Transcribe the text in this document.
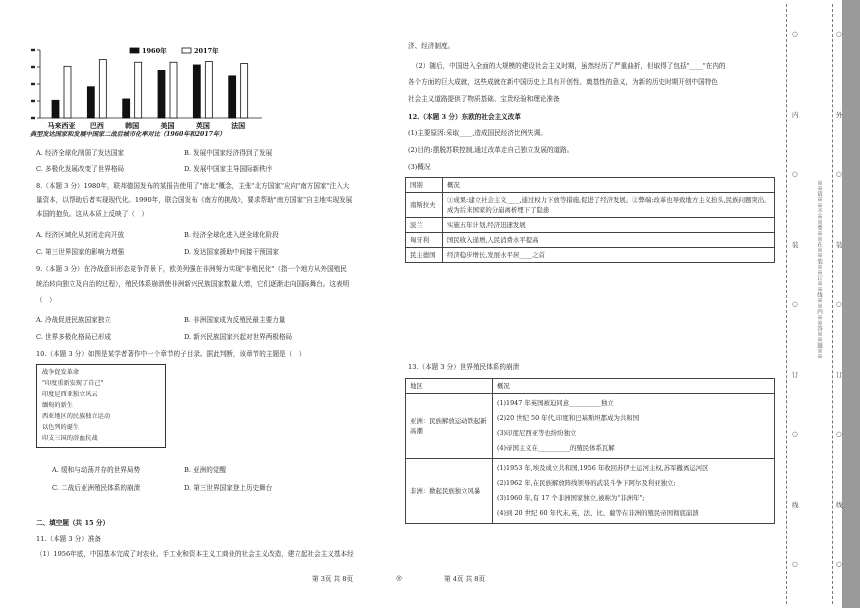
马来西亚 巴西	韩国	美国	英国	法国
1960年	2017年
典型发达国家和发展中国家二战后城市化率对比（1960年和2017年）
A. 经济全球化削弱了发达国家	B. 发展中国家经济得到了发展
C. 多极化发展改变了世界格局	D. 发展中国家主导国际新秩序
8.（本题 3 分）1980年，联邦德国发布的某报告使用了"南北"概念，主张"北方国家"应向"南方国家"注入大
量资本，以帮助后者实现现代化。1990年，联合国发布《南方的挑战》，要求帮助"南方国家"自主地实现发展
本国的抱负。这从本质上反映了（　）
A. 经济区域化从封闭走向开放	B. 经济全球化进入逆全球化阶段
C. 第三世界国家的影响力增强	D. 发达国家援助中间接干预国家
9.（本题 3 分）在冷战意识形态竞争背景下，欧美列强在非洲努力实现"非殖民化"（指一个地方从外国殖民
统治转向独立及自治的过程），殖民体系崩溃使非洲新兴民族国家数量大增，它们逐渐走向国际舞台。这表明
（　）
A. 冷战促进民族国家独立	B. 非洲国家成为反殖民最主要力量
C. 世界多极化格局已形成	D. 新兴民族国家兴起对世界两极格局
10.（本题 3 分）如图是某学者著作中一个章节的子目录。据此判断，该章节的主题是（　）
战争促发革命
"印度重新发现了自己"
印度尼西亚独立风云
缅甸的新生
西亚地区的民族独立运动
以色列的诞生
印支三国的浴血抗战
A. 缓和与动荡并存的世界局势	B. 亚洲的觉醒
C. 二战后亚洲殖民体系的崩溃	D. 第三世界国家登上历史舞台
二、填空题（共 15 分）
11.（本题 3 分）准备
（1）1956年底，中国基本完成了对农业、手工业和资本主义工商业的社会主义改造，建立起社会主义基本经
济、经济制度。
（2）随后，中国进入全面的大规模的建设社会主义时期，虽然经历了严重曲折，但取得了包括"____"在内的
各个方面的巨大成就，这些成就在新中国历史上具有开创性、奠基性的意义，为新的历史时期开创中国特色
社会主义道路提供了物质基础、宝贵经验和理论准备
12.（本题 3 分）东欧的社会主义改革
(1)主要原因:采取____,造成国民经济比例失调。
(2)目的:摆脱苏联控制,通过改革走自己独立发展的道路。
(3)概况
国别	概况
南斯拉夫	①成果:建立社会主义____,通过权力下放等措施,促进了经济发展。②弊端:改革也导致地方主义抬头,民族问题突出,成为后来国家的分崩离析埋下了隐患
波兰	实施五年计划,经济迅速发展
匈牙利	国民收入递增,人民消费水平提高
民主德国	经济稳步增长,发展水平居____之首
13.（本题 3 分）世界殖民体系的崩溃
地区	概况
亚洲：民族解放运动铁起新高潮	(1)1947 年英国被迫同意__________独立
(2)20 世纪 50 年代,印度和巴基斯坦都成为共和国
(3)印度尼西亚等也纷纷独立
(4)帝国主义在__________的殖民体系瓦解

非洲：掀起民族独立风暴	(1)1953 年,埃及成立共和国,1956 年收回苏伊士运河主权,苏军撤离运河区
(2)1962 年,在民族解放阵线领导的武装斗争下阿尔及利亚独立;
(3)1960 年,有 17 个非洲国家独立,被称为"非洲年";
(4)到 20 世纪 60 年代末,英、法、比、葡等在非洲的殖民帝国彻底崩溃
第 3页 共 8页	◎	第 4页 共 8页
※※请※※不※※要※※在※※装※※订※※线※※内※※答※※题※※
○
内
○
装
○
订
○
线
○
○
外
○
装
○
订
○
线
○
